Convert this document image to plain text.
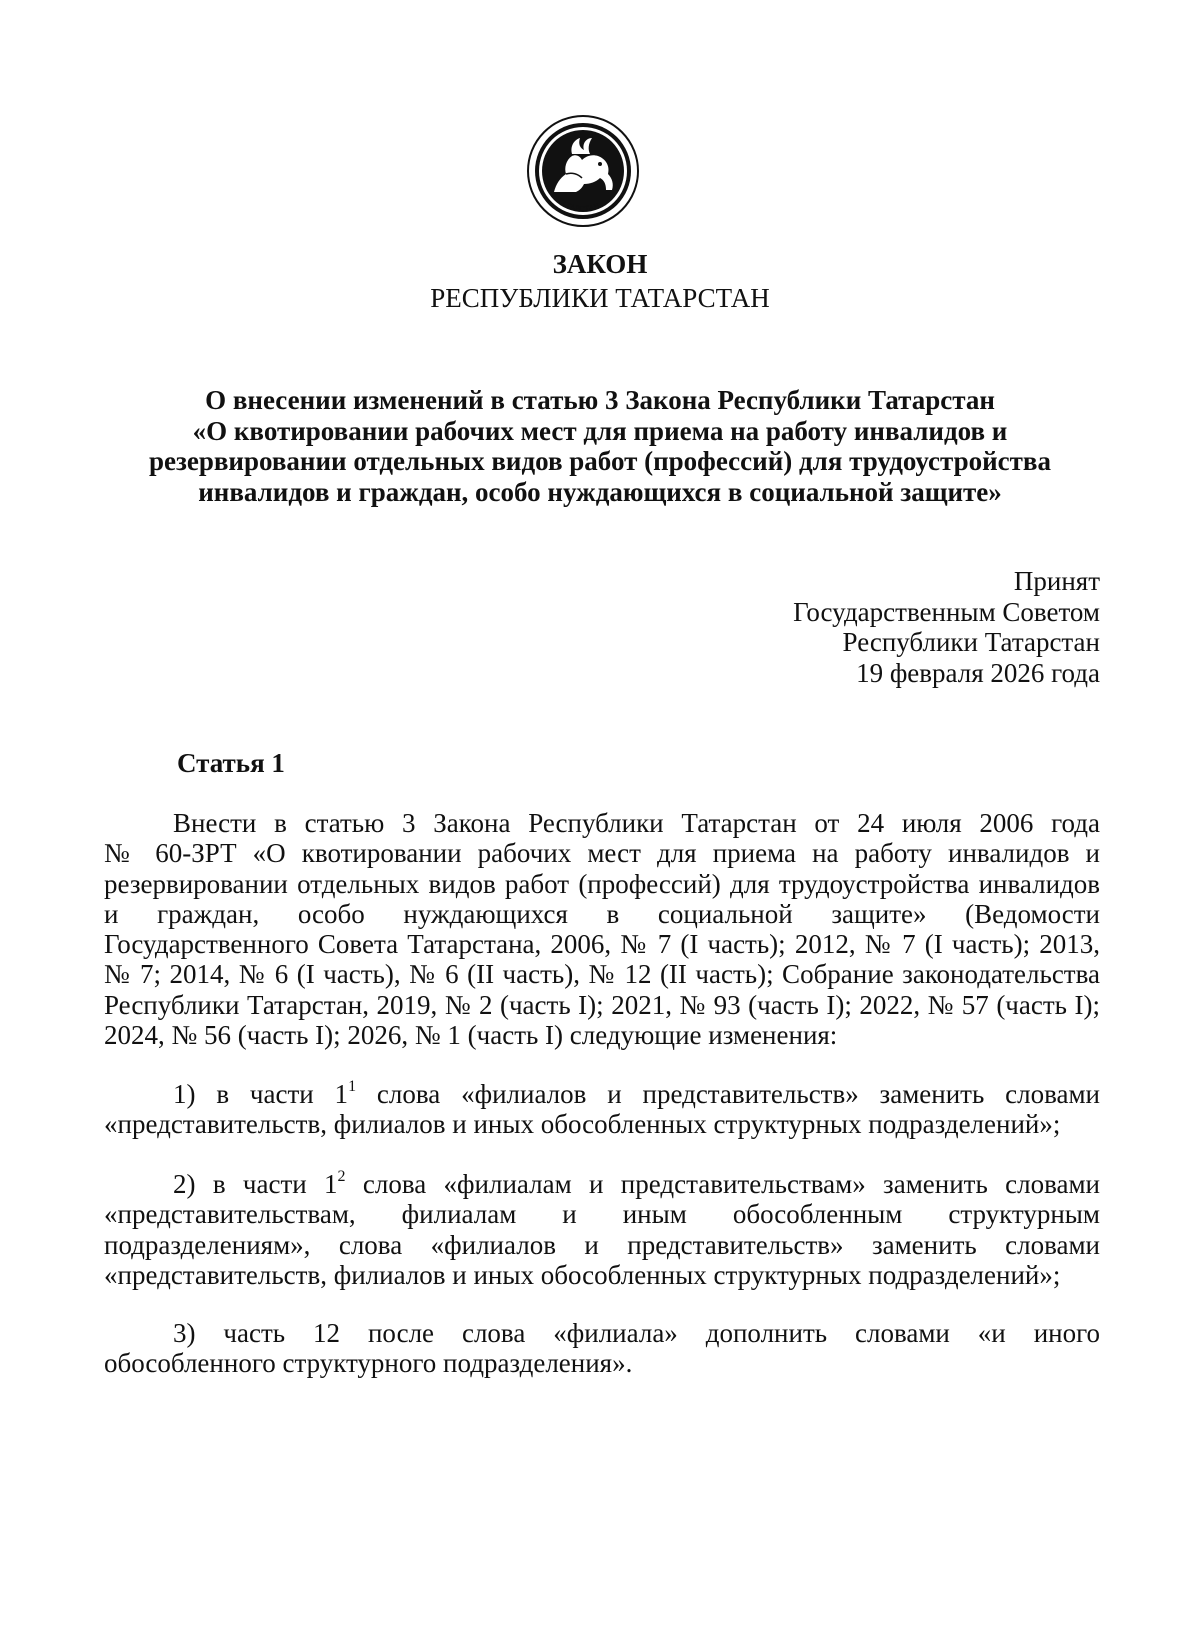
ТАТАРСТАН
ЗАКОН
РЕСПУБЛИКИ ТАТАРСТАН
О внесении изменений в статью 3 Закона Республики Татарстан
«О квотировании рабочих мест для приема на работу инвалидов и
резервировании отдельных видов работ (профессий) для трудоустройства
инвалидов и граждан, особо нуждающихся в социальной защите»
Принят
Государственным Советом
Республики Татарстан
19 февраля 2026 года
Статья 1
Внести в статью 3 Закона Республики Татарстан от 24 июля 2006 года
№ 60-ЗРТ «О квотировании рабочих мест для приема на работу инвалидов и
резервировании отдельных видов работ (профессий) для трудоустройства инвалидов
и граждан, особо нуждающихся в социальной защите» (Ведомости
Государственного Совета Татарстана, 2006, № 7 (I часть); 2012, № 7 (I часть); 2013,
№ 7; 2014, № 6 (I часть), № 6 (II часть), № 12 (II часть); Собрание законодательства
Республики Татарстан, 2019, № 2 (часть I); 2021, № 93 (часть I); 2022, № 57 (часть I);
2024, № 56 (часть I); 2026, № 1 (часть I) следующие изменения:
1) в части $1^1$ слова «филиалов и представительств» заменить словами
«представительств, филиалов и иных обособленных структурных подразделений»;
2) в части $1^2$ слова «филиалам и представительствам» заменить словами
«представительствам, филиалам и иным обособленным структурным
подразделениям», слова «филиалов и представительств» заменить словами
«представительств, филиалов и иных обособленных структурных подразделений»;
3) часть 12 после слова «филиала» дополнить словами «и иного
обособленного структурного подразделения».
